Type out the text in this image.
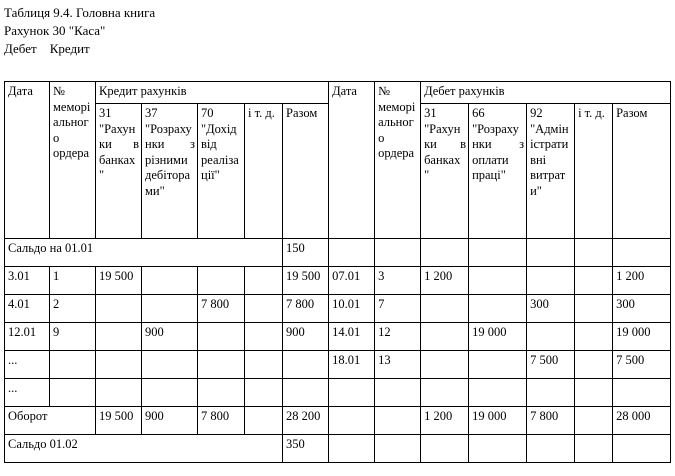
Таблиця 9.4. Головна книга
Рахунок 30 "Каса"
Дебет    Кредит
Дата	№ меморі альног о ордера	Кредит рахунків					Дата	№ меморі альног о ордера	Дебет рахунків				
		31 "Рахун ки в банках "	37 "Розраху нки з різними дебітора ми"	70 "Дохід від реаліза ції"	і т. д.	Разом			31 "Рахун ки в банках "	66 "Розраху нки з оплати праці"	92 "Адмін істрати вні витрат и"	і т. д.	Разом
Сальдо на 01.01						150							
3.01	1	19 500				19 500	07.01	3	1 200				1 200
4.01	2			7 800		7 800	10.01	7			300		300
12.01	9		900			900	14.01	12		19 000			19 000
...							18.01	13			7 500		7 500
...													
Оборот		19 500	900	7 800		28 200			1 200	19 000	7 800		28 000
Сальдо 01.02						350							
